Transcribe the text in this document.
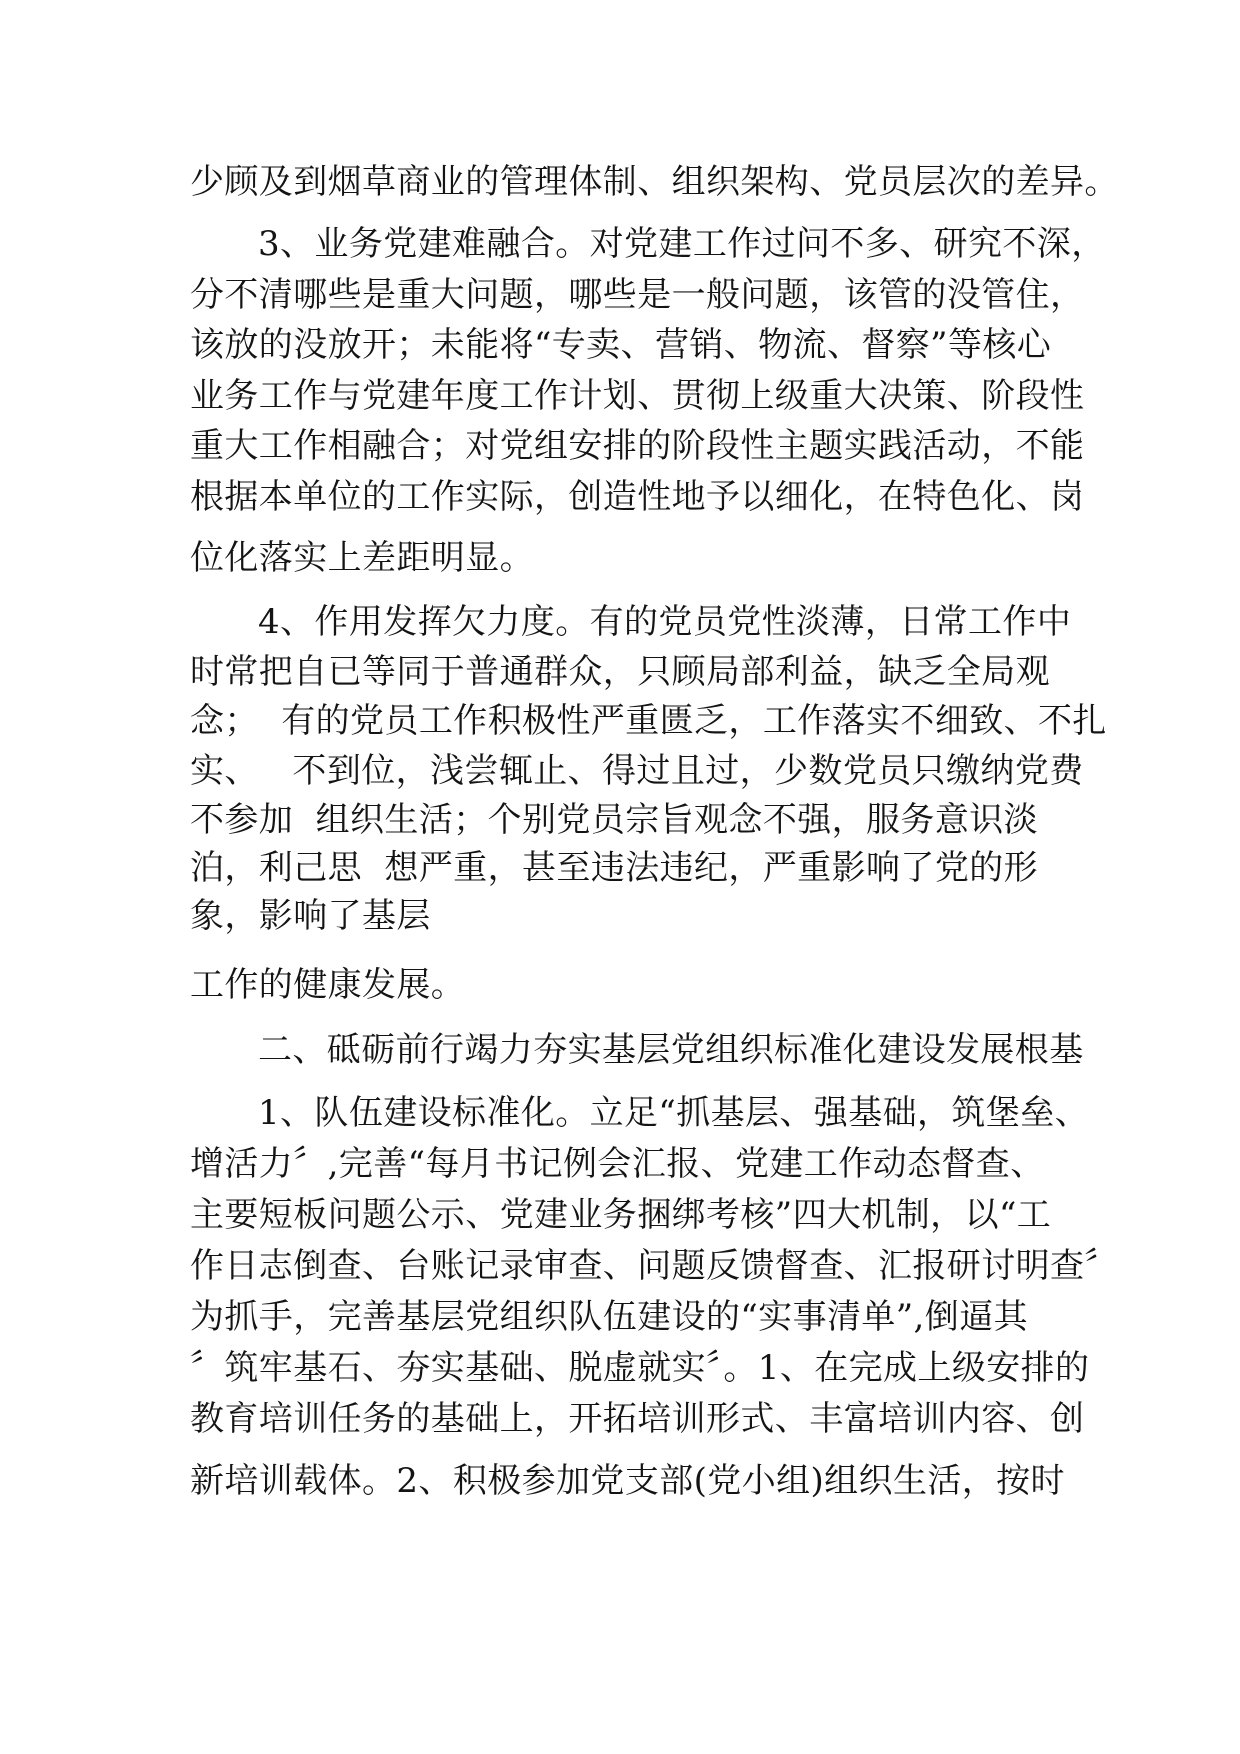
少顾及到烟草商业的管理体制、组织架构、党员层次的差异。
3、业务党建难融合。对党建工作过问不多、研究不深，
分不清哪些是重大问题，哪些是一般问题，该管的没管住，
该放的没放开；未能将“专卖、营销、物流、督察”等核心
业务工作与党建年度工作计划、贯彻上级重大决策、阶段性
重大工作相融合；对党组安排的阶段性主题实践活动，不能
根据本单位的工作实际，创造性地予以细化，在特色化、岗
位化落实上差距明显。
4、作用发挥欠力度。有的党员党性淡薄，日常工作中
时常把自已等同于普通群众，只顾局部利益，缺乏全局观
念；  有的党员工作积极性严重匮乏，工作落实不细致、不扎
实、   不到位，浅尝辄止、得过且过，少数党员只缴纳党费
不参加  组织生活；个别党员宗旨观念不强，服务意识淡
泊，利己思  想严重，甚至违法违纪，严重影响了党的形
象，影响了基层
工作的健康发展。
二、砥砺前行竭力夯实基层党组织标准化建设发展根基
1、队伍建设标准化。立足“抓基层、强基础，筑堡垒、
增活力〞,完善“每月书记例会汇报、党建工作动态督查、
主要短板问题公示、党建业务捆绑考核”四大机制，以“工
作日志倒查、台账记录审查、问题反馈督查、汇报研讨明查〞
为抓手，完善基层党组织队伍建设的“实事清单”,倒逼其
〞筑牢基石、夯实基础、脱虚就实〞。1、在完成上级安排的
教育培训任务的基础上，开拓培训形式、丰富培训内容、创
新培训载体。2、积极参加党支部(党小组)组织生活，按时
